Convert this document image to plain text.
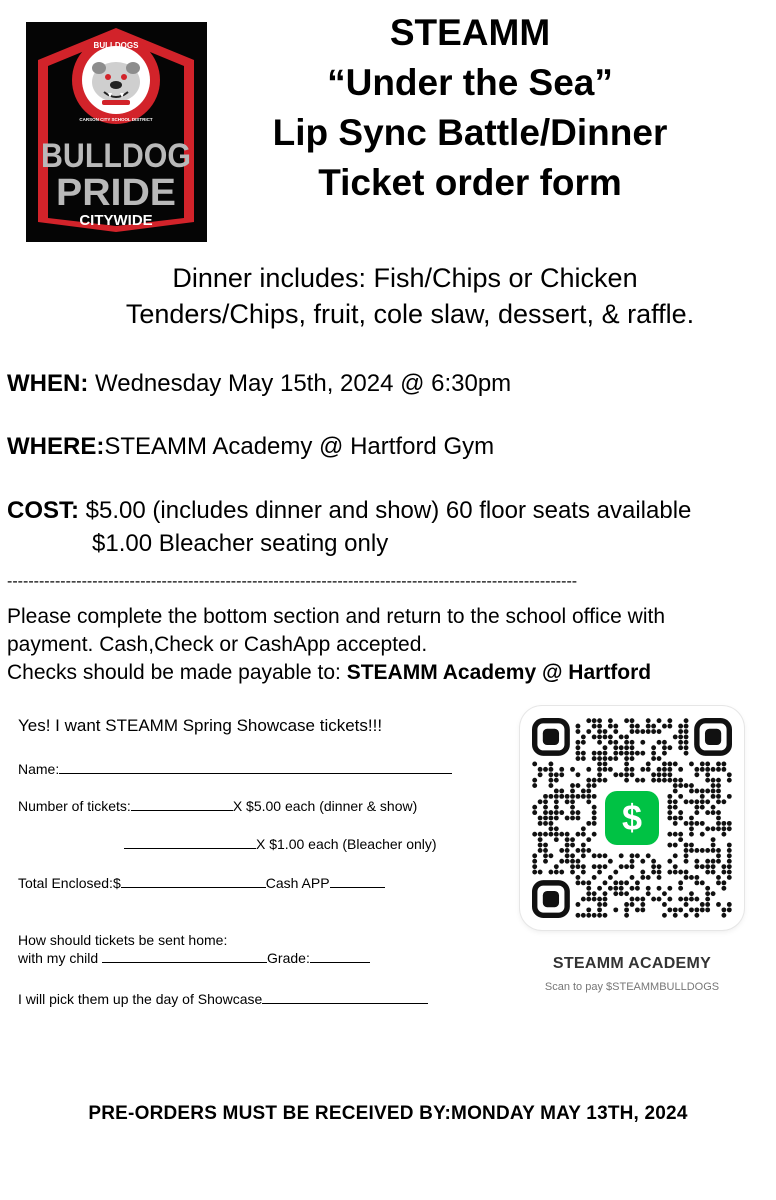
BULLDOGS
CARSON CITY SCHOOL DISTRICT
BULLDOG
PRIDE
CITYWIDE
STEAMM
“Under the Sea”
Lip Sync Battle/Dinner
Ticket order form
Dinner includes: Fish/Chips or Chicken
Tenders/Chips, fruit, cole slaw, dessert, & raffle.
WHEN: Wednesday May 15th, 2024 @ 6:30pm
WHERE:STEAMM Academy @ Hartford Gym
COST: $5.00 (includes dinner and show) 60 floor seats available
$1.00 Bleacher seating only
-----------------------------------------------------------------------------------------------------------
Please complete the bottom section and return to the school office with
payment. Cash,Check or CashApp accepted.
Checks should be made payable to: STEAMM Academy @ Hartford
Yes! I want STEAMM Spring Showcase tickets!!!
Name:
Number of tickets:	X $5.00 each (dinner & show)
X $1.00 each (Bleacher only)
Total Enclosed:$	Cash APP
How should tickets be sent home:
with my child	Grade:
I will pick them up the day of Showcase
$
STEAMM ACADEMY
Scan to pay $STEAMMBULLDOGS
PRE-ORDERS MUST BE RECEIVED BY:MONDAY MAY 13TH, 2024
